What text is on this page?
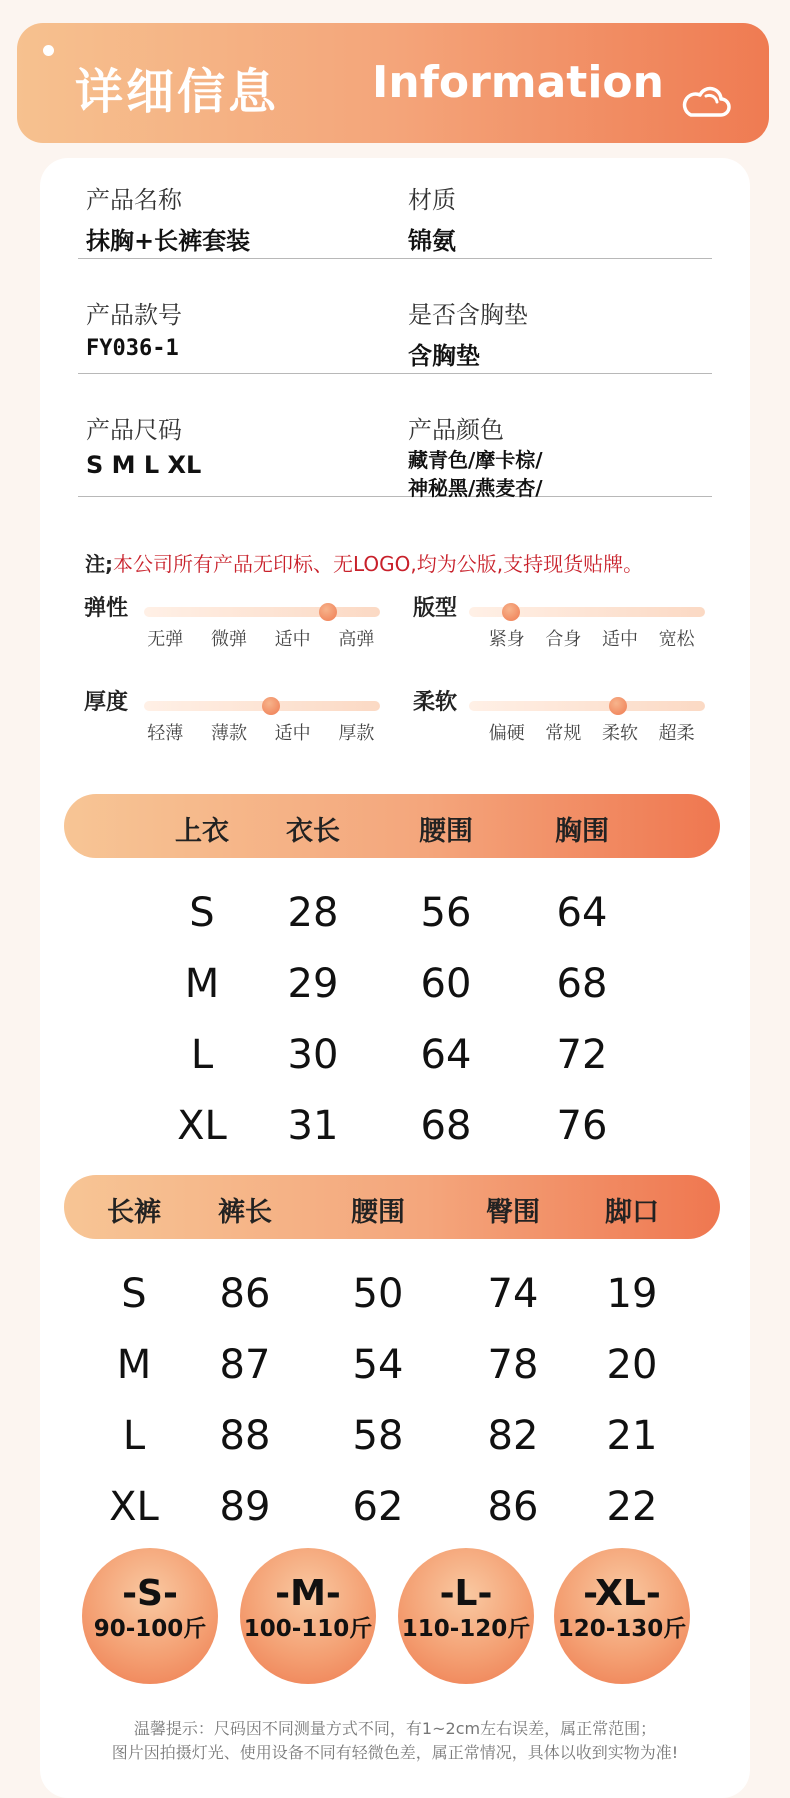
详细信息 Information
产品名称
抹胸+长裤套装
材质
锦氨
产品款号
FY036-1
是否含胸垫
含胸垫
产品尺码
S M L XL
产品颜色
藏青色/摩卡棕/
神秘黑/燕麦杏/
注;本公司所有产品无印标、无LOGO,均为公版,支持现货贴牌。
弹性
无弹 微弹 适中 高弹
版型
紧身 合身 适中 宽松
厚度
轻薄 薄款 适中 厚款
柔软
偏硬 常规 柔软 超柔
上衣 衣长	腰围	胸围
S 28 56 64
M 29 60 68
L 30 64 72
XL 31 68 76
长裤 裤长	腰围	臀围 脚口
S 86 50 74 19
M 87 54 78 20
L 88 58 82 21
XL 89 62 86 22
-S-
90-100斤
-M-
100-110斤
-L-
110-120斤
-XL-
120-130斤
温馨提示：尺码因不同测量方式不同，有1~2cm左右误差，属正常范围；
图片因拍摄灯光、使用设备不同有轻微色差，属正常情况，具体以收到实物为准!
